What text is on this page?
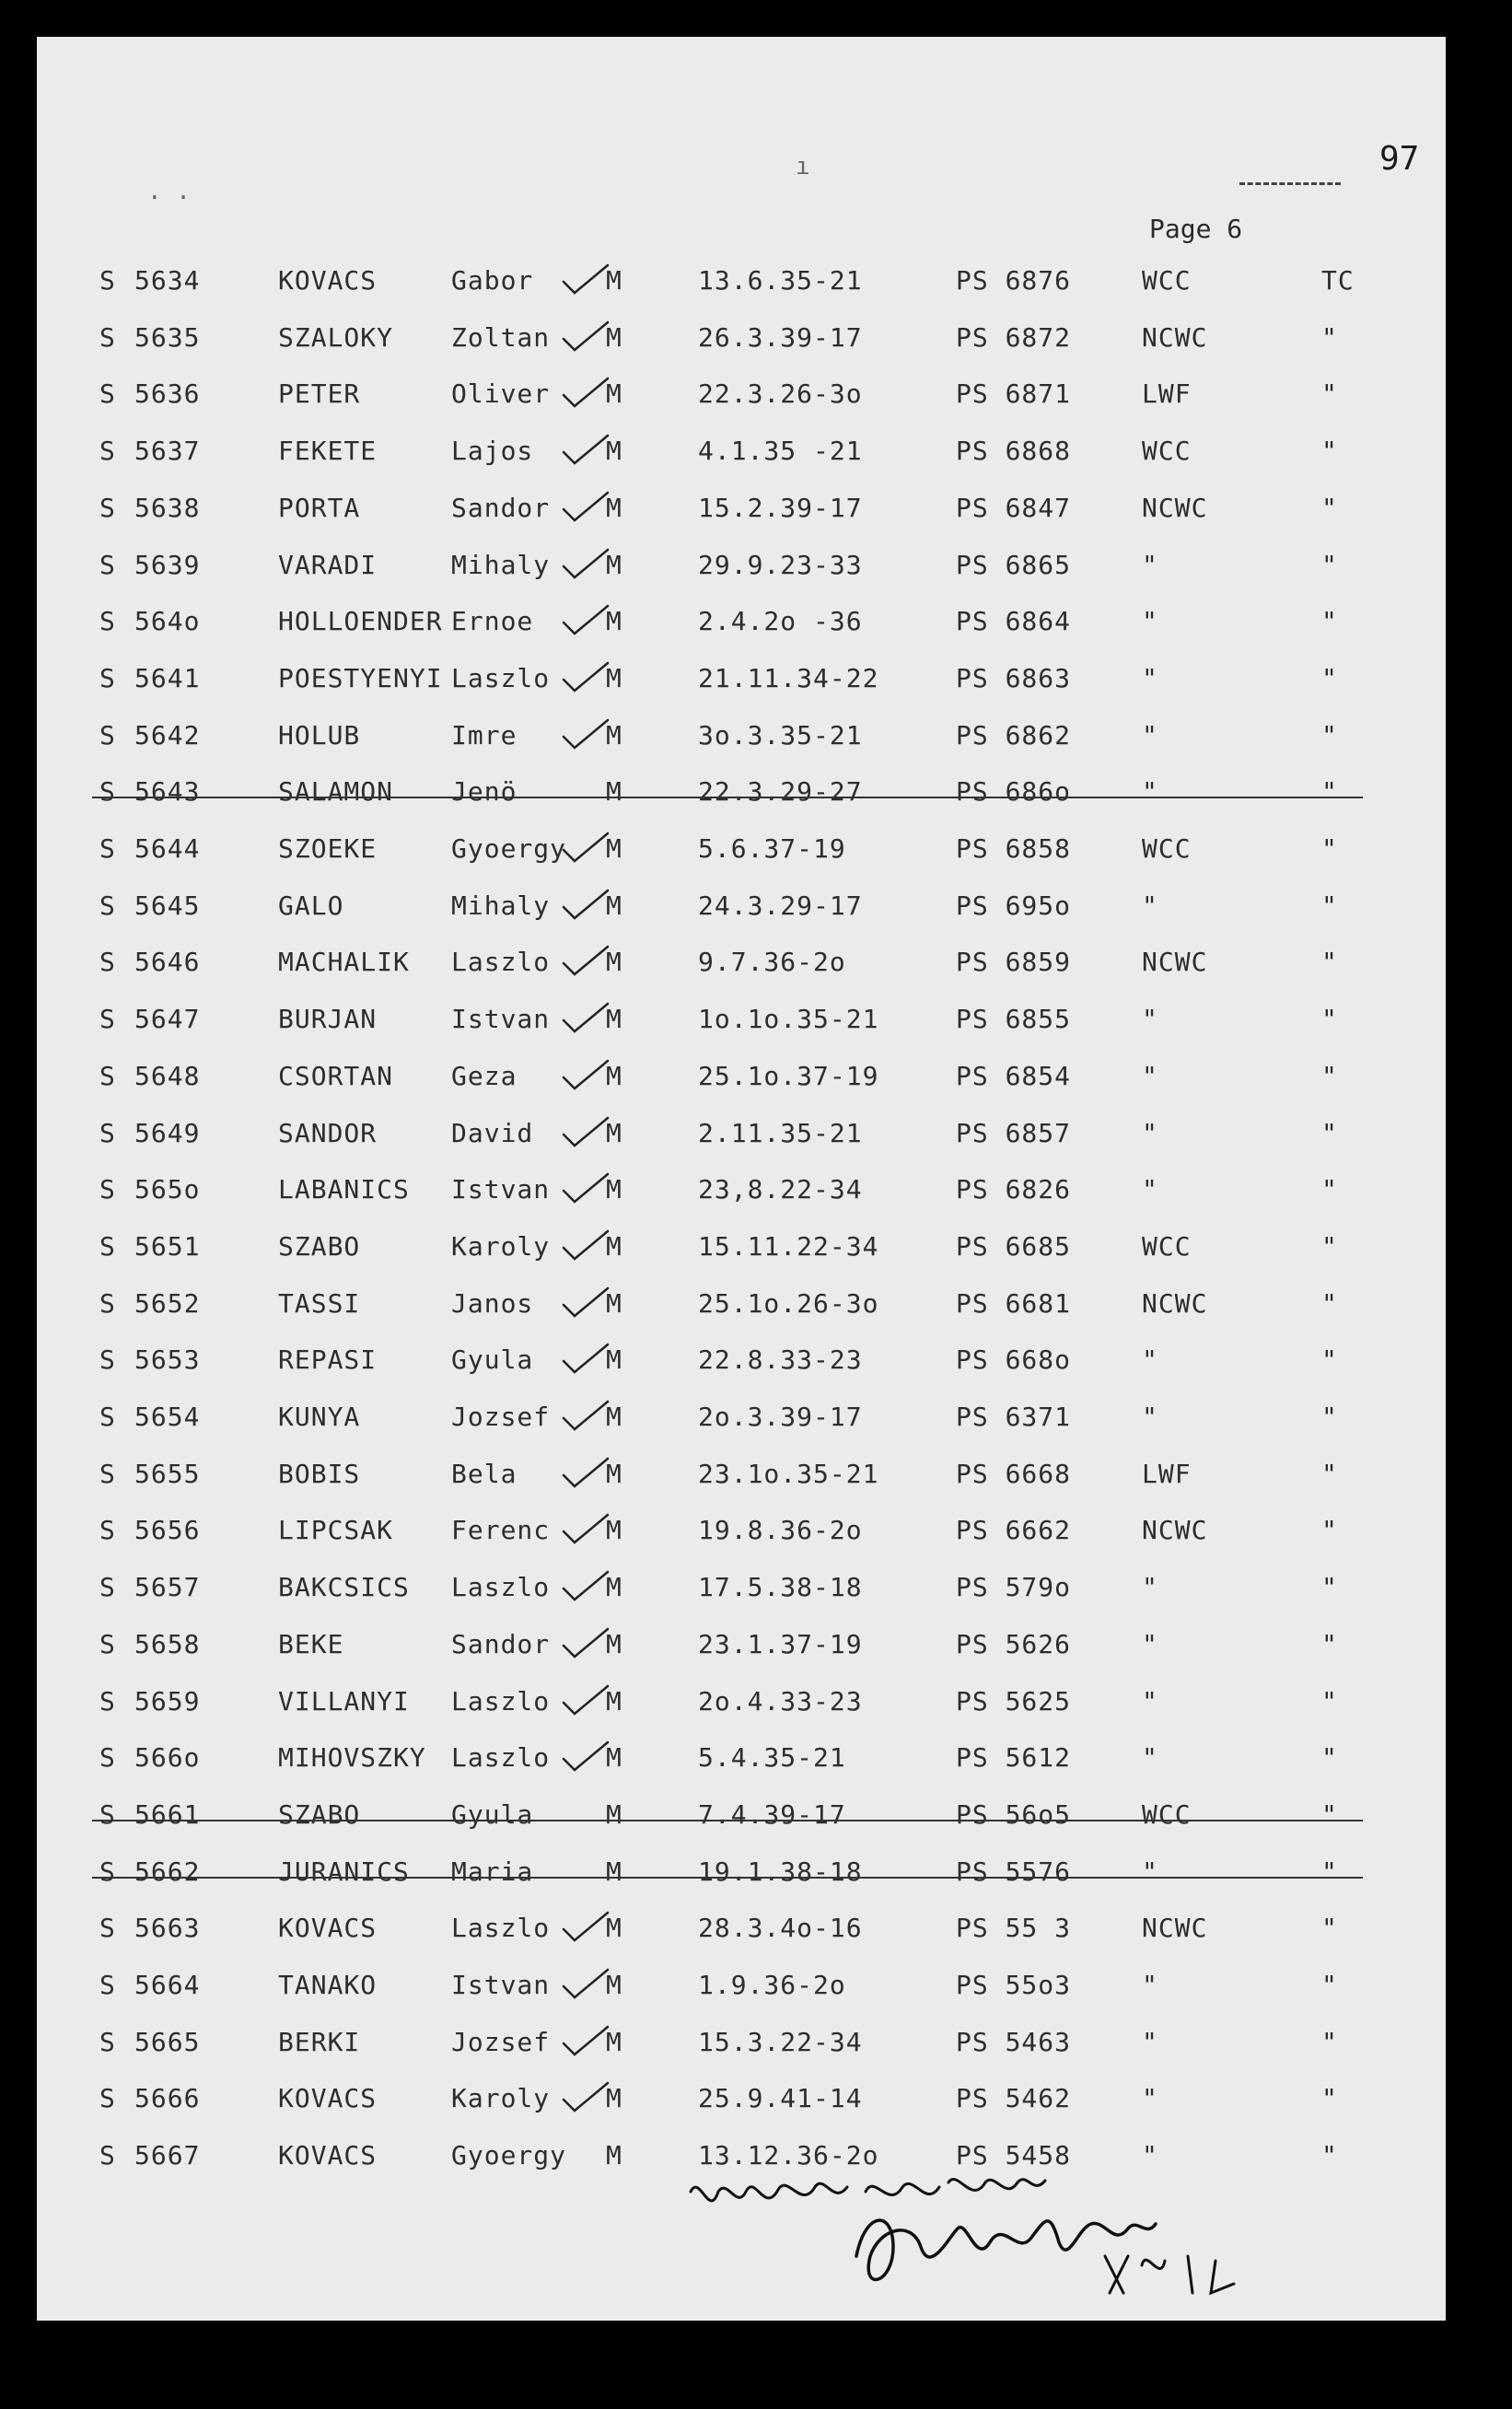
97
Page 6
· ·
ı
S 5634	KOVACS	Gabor	M	13.6.35-21	PS 6876	WCC	TC
S 5635	SZALOKY Zoltan M	26.3.39-17	PS 6872	NCWC	"
S 5636	PETER	Oliver M	22.3.26-3o	PS 6871	LWF	"
S 5637	FEKETE	Lajos	M	4.1.35 -21	PS 6868	WCC	"
S 5638	PORTA	Sandor M	15.2.39-17	PS 6847	NCWC	"
S 5639	VARADI	Mihaly M	29.9.23-33	PS 6865	"	"
S 564o	HOLLOENDER Ernoe	M	2.4.2o -36	PS 6864	"	"
S 5641	POESTYENYI Laszlo M	21.11.34-22	PS 6863	"	"
S 5642	HOLUB	Imre	M	3o.3.35-21	PS 6862	"	"
S 5643	SALAMON Jenö	M	22.3.29-27	PS 686o	"	"
S 5644	SZOEKE	Gyoergy M	5.6.37-19	PS 6858	WCC	"
S 5645	GALO	Mihaly M	24.3.29-17	PS 695o	"	"
S 5646	MACHALIK Laszlo M	9.7.36-2o	PS 6859	NCWC	"
S 5647	BURJAN	Istvan M	1o.1o.35-21	PS 6855	"	"
S 5648	CSORTAN Geza	M	25.1o.37-19	PS 6854	"	"
S 5649	SANDOR	David	M	2.11.35-21	PS 6857	"	"
S 565o	LABANICS Istvan M	23,8.22-34	PS 6826	"	"
S 5651	SZABO	Karoly M	15.11.22-34	PS 6685	WCC	"
S 5652	TASSI	Janos	M	25.1o.26-3o	PS 6681	NCWC	"
S 5653	REPASI	Gyula	M	22.8.33-23	PS 668o	"	"
S 5654	KUNYA	Jozsef M	2o.3.39-17	PS 6371	"	"
S 5655	BOBIS	Bela	M	23.1o.35-21	PS 6668	LWF	"
S 5656	LIPCSAK Ferenc M	19.8.36-2o	PS 6662	NCWC	"
S 5657	BAKCSICS Laszlo M	17.5.38-18	PS 579o	"	"
S 5658	BEKE	Sandor M	23.1.37-19	PS 5626	"	"
S 5659	VILLANYI Laszlo M	2o.4.33-23	PS 5625	"	"
S 566o	MIHOVSZKY Laszlo M	5.4.35-21	PS 5612	"	"
S 5661	SZABO	Gyula	M	7.4.39-17	PS 56o5	WCC	"
S 5662	JURANICS Maria	M	19.1.38-18	PS 5576	"	"
S 5663	KOVACS	Laszlo M	28.3.4o-16	PS 55 3	NCWC	"
S 5664	TANAKO	Istvan M	1.9.36-2o	PS 55o3	"	"
S 5665	BERKI	Jozsef M	15.3.22-34	PS 5463	"	"
S 5666	KOVACS	Karoly M	25.9.41-14	PS 5462	"	"
S 5667	KOVACS	Gyoergy M	13.12.36-2o	PS 5458	"	"
Inspected en route
